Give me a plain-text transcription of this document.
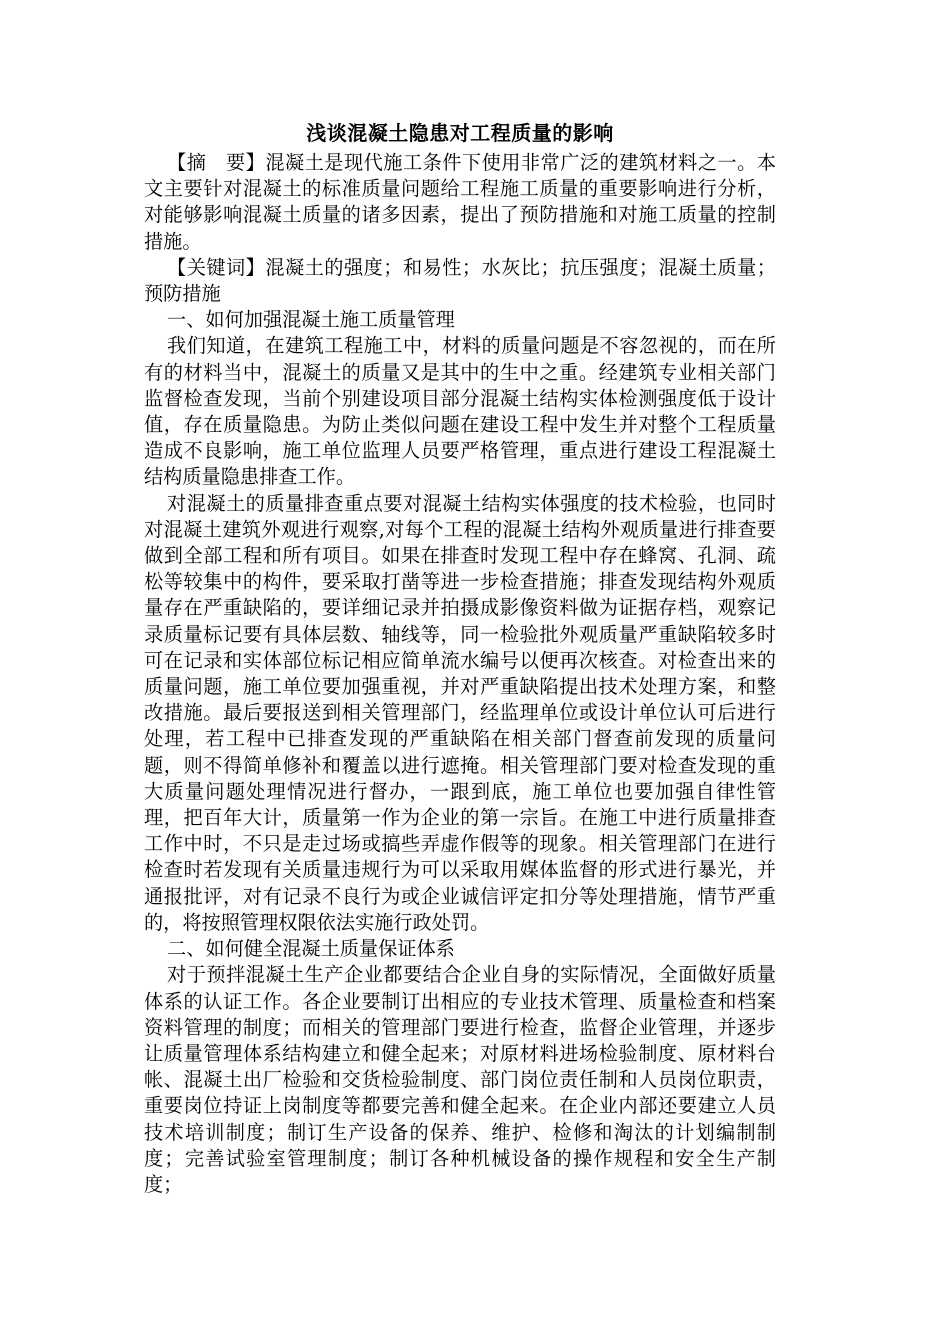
浅谈混凝土隐患对工程质量的影响

【摘　要】混凝土是现代施工条件下使用非常广泛的建筑材料之一。本文主要针对混凝土的标准质量问题给工程施工质量的重要影响进行分析，对能够影响混凝土质量的诸多因素，提出了预防措施和对施工质量的控制措施。

【关键词】混凝土的强度；和易性；水灰比；抗压强度；混凝土质量；预防措施

一、如何加强混凝土施工质量管理

我们知道，在建筑工程施工中，材料的质量问题是不容忽视的，而在所有的材料当中，混凝土的质量又是其中的生中之重。经建筑专业相关部门监督检查发现，当前个别建设项目部分混凝土结构实体检测强度低于设计值，存在质量隐患。为防止类似问题在建设工程中发生并对整个工程质量造成不良影响，施工单位监理人员要严格管理，重点进行建设工程混凝土结构质量隐患排查工作。

对混凝土的质量排查重点要对混凝土结构实体强度的技术检验，也同时对混凝土建筑外观进行观察,对每个工程的混凝土结构外观质量进行排查要做到全部工程和所有项目。如果在排查时发现工程中存在蜂窝、孔洞、疏松等较集中的构件，要采取打凿等进一步检查措施；排查发现结构外观质量存在严重缺陷的，要详细记录并拍摄成影像资料做为证据存档，观察记录质量标记要有具体层数、轴线等，同一检验批外观质量严重缺陷较多时可在记录和实体部位标记相应简单流水编号以便再次核查。对检查出来的质量问题，施工单位要加强重视，并对严重缺陷提出技术处理方案，和整改措施。最后要报送到相关管理部门，经监理单位或设计单位认可后进行处理，若工程中已排查发现的严重缺陷在相关部门督查前发现的质量问题，则不得简单修补和覆盖以进行遮掩。相关管理部门要对检查发现的重大质量问题处理情况进行督办，一跟到底，施工单位也要加强自律性管理，把百年大计，质量第一作为企业的第一宗旨。在施工中进行质量排查工作中时，不只是走过场或搞些弄虚作假等的现象。相关管理部门在进行检查时若发现有关质量违规行为可以采取用媒体监督的形式进行暴光，并通报批评，对有记录不良行为或企业诚信评定扣分等处理措施，情节严重的，将按照管理权限依法实施行政处罚。

二、如何健全混凝土质量保证体系

对于预拌混凝土生产企业都要结合企业自身的实际情况，全面做好质量体系的认证工作。各企业要制订出相应的专业技术管理、质量检查和档案资料管理的制度；而相关的管理部门要进行检查，监督企业管理，并逐步让质量管理体系结构建立和健全起来；对原材料进场检验制度、原材料台帐、混凝土出厂检验和交货检验制度、部门岗位责任制和人员岗位职责，重要岗位持证上岗制度等都要完善和健全起来。在企业内部还要建立人员技术培训制度；制订生产设备的保养、维护、检修和淘汰的计划编制制度；完善试验室管理制度；制订各种机械设备的操作规程和安全生产制度；
